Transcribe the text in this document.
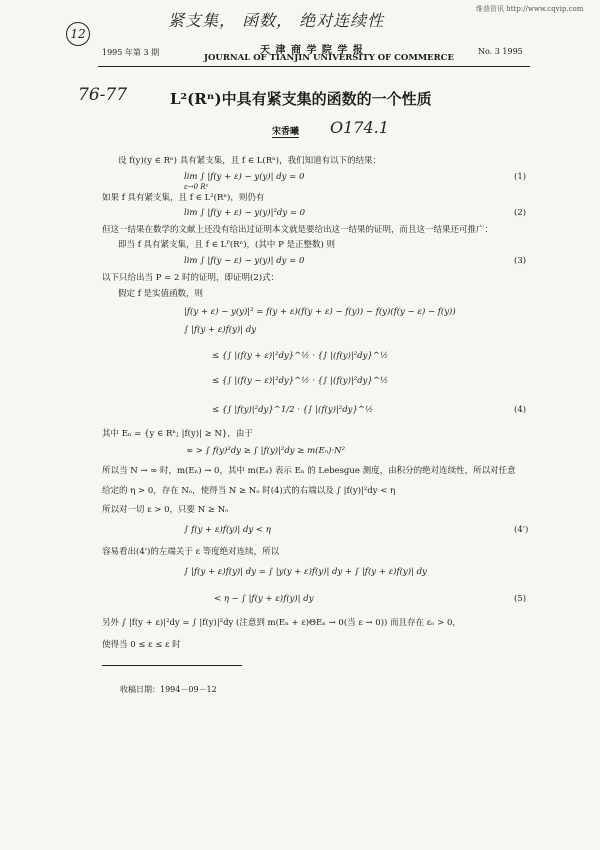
维普资讯 http://www.cqvip.com
12
紧支集， 函数， 绝对连续性
1995 年第 3 期	天 津 商 学 院 学 报
JOURNAL OF TIANJIN UNIVERSITY OF COMMERCE
No. 3 1995
76-77	L²(Rⁿ)中具有紧支集的函数的一个性质
宋香曦 O174.1
设 f(y)(y ∈ Rⁿ) 具有紧支集，且 f ∈ L(Rⁿ)，我们知道有以下的结果：
lim ∫ |f(y + ε) − y(y)| dy = 0
ε→0 Rⁿ
(1)
如果 f 具有紧支集，且 f ∈ L²(Rⁿ)，则仍有
lim ∫ |f(y + ε) − y(y)|²dy = 0	(2)
但这一结果在数学的文献上还没有给出过证明本文就是要给出这一结果的证明，而且这一结果还可推广：
即当 f 具有紧支集，且 f ∈ Lᴾ(Rⁿ)，(其中 P 是正整数) 则
lim ∫ |f(y − ε) − y(y)| dy = 0	(3)
以下只给出当 P = 2 时的证明，即证明(2)式：
假定 f 是实值函数，则
|f(y + ε) − y(y)|² = f(y + ε)(f(y + ε) − f(y)) − f(y)(f(y − ε) − f(y))
∫ |f(y + ε)f(y)| dy
≤ {∫ |(f(y + ε)|²dy}^½ · {∫ |(f(y)|²dy}^½
≤ {∫ |(f(y − ε)|²dy}^½ · {∫ |(f(y)|²dy}^½
≤ {∫ |f(y)|²dy}^1/2 · {∫ |(f(y)|²dy}^½	(4)
其中 Eₙ = {y ∈ Rⁿ; |f(y)| ≥ N}，由于
∞ > ∫ f(y)²dy ≥ ∫ |f(y)|²dy ≥ m(Eₙ)·N²
所以当 N → ∞ 时，m(Eₙ) → 0，其中 m(Eₙ) 表示 Eₙ 的 Lebesgue 测度，由积分的绝对连续性，所以对任意
给定的 η > 0，存在 Nₒ，使得当 N ≥ Nₒ 时(4)式的右端以及 ∫ |f(y)|²dy < η
所以对一切 ε > 0，只要 N ≥ Nₒ
∫ f(y + ε)f(y)| dy < η	(4')
容易看出(4')的左端关于 ε 等度绝对连续，所以
∫ |f(y + ε)f(y)| dy = ∫ |y(y + ε)f(y)| dy + ∫ |f(y + ε)f(y)| dy
< η − ∫ |f(y + ε)f(y)| dy	(5)
另外 ∫ |f(y + ε)|²dy = ∫ |f(y)|²dy (注意到 m(Eₙ + ε)ΘEₙ → 0(当 ε → 0)) 而且存在 εₒ > 0，
使得当 0 ≤ ε ≤ ε 时
收稿日期：1994－09－12
